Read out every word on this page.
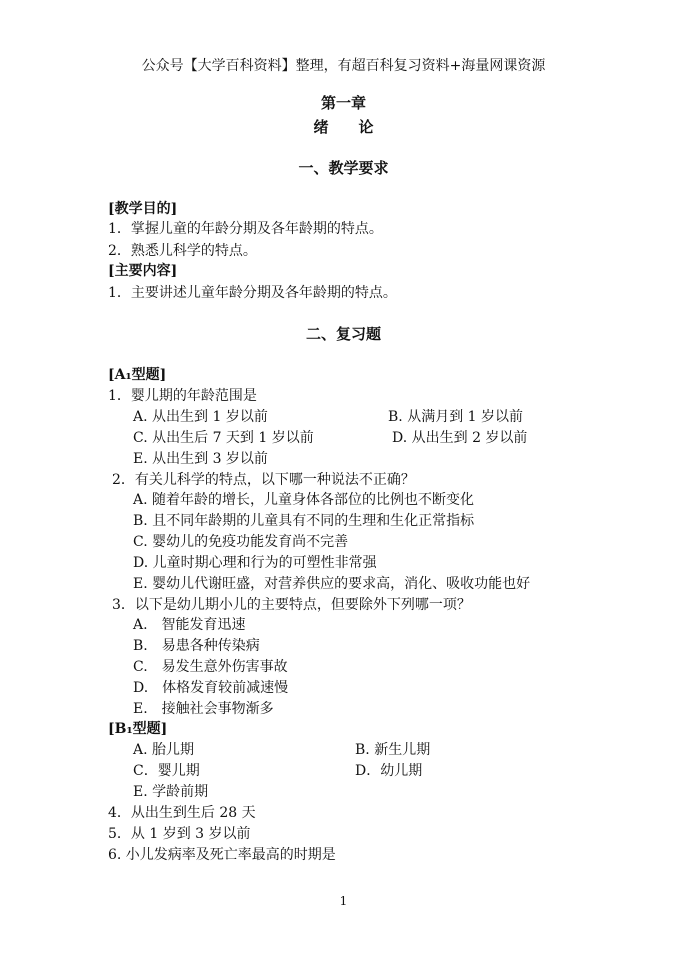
公众号【大学百科资料】整理，有超百科复习资料+海量网课资源
第一章
绪　　论
一、教学要求
[教学目的]
1．掌握儿童的年龄分期及各年龄期的特点。
2．熟悉儿科学的特点。
[主要内容]
1．主要讲述儿童年龄分期及各年龄期的特点。
二、复习题
[A₁型题]
1．婴儿期的年龄范围是
A. 从出生到 1 岁以前	B. 从满月到 1 岁以前
C. 从出生后 7 天到 1 岁以前	D. 从出生到 2 岁以前
E. 从出生到 3 岁以前
2．有关儿科学的特点，以下哪一种说法不正确？
A. 随着年龄的增长，儿童身体各部位的比例也不断变化
B. 且不同年龄期的儿童具有不同的生理和生化正常指标
C. 婴幼儿的免疫功能发育尚不完善
D. 儿童时期心理和行为的可塑性非常强
E. 婴幼儿代谢旺盛，对营养供应的要求高，消化、吸收功能也好
3．以下是幼儿期小儿的主要特点，但要除外下列哪一项？
A.　智能发育迅速
B.　易患各种传染病
C.　易发生意外伤害事故
D.　体格发育较前减速慢
E.　接触社会事物渐多
[B₁型题]
A. 胎儿期	B. 新生儿期
C．婴儿期	D．幼儿期
E. 学龄前期
4．从出生到生后 28 天
5．从 1 岁到 3 岁以前
6. 小儿发病率及死亡率最高的时期是
1
